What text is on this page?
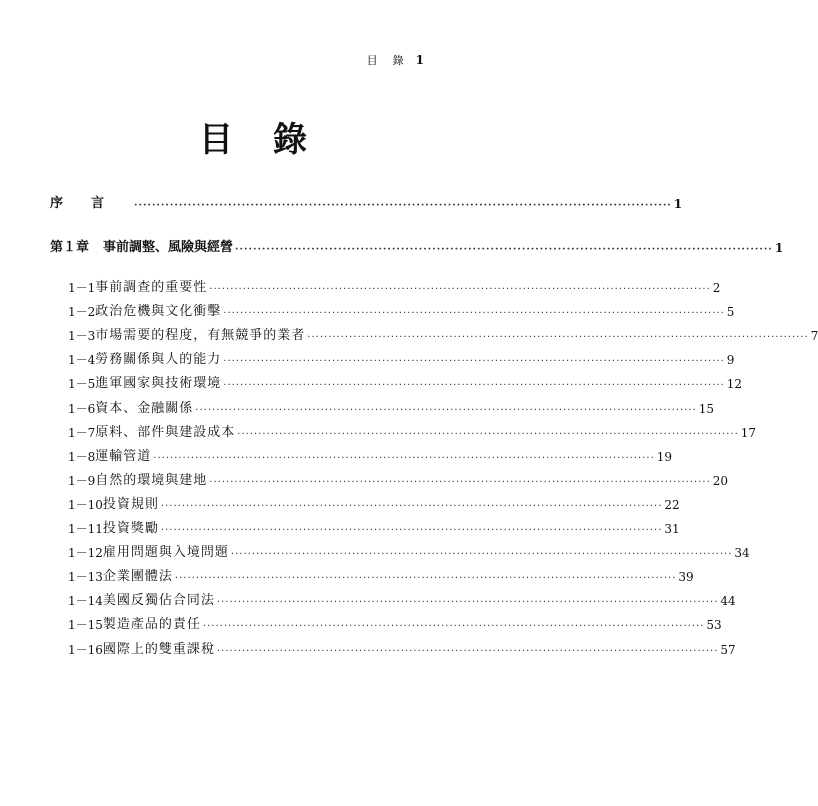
目　錄 1
目錄
序言 ························································································································ 1
第１章 事前調整、風險與經營 ························································································································ 1
1－1 事前調查的重要性 ························································································································ 2
1－2 政治危機與文化衝擊 ························································································································ 5
1－3 市場需要的程度，有無競爭的業者 ························································································································ 7
1－4 勞務關係與人的能力 ························································································································ 9
1－5 進軍國家與技術環境 ························································································································ 12
1－6 資本、金融關係 ························································································································ 15
1－7 原料、部件與建設成本 ························································································································ 17
1－8 運輸管道 ························································································································ 19
1－9 自然的環境與建地 ························································································································ 20
1－10 投資規則 ························································································································ 22
1－11 投資獎勵 ························································································································ 31
1－12 雇用問題與入境問題 ························································································································ 34
1－13 企業團體法 ························································································································ 39
1－14 美國反獨佔合同法 ························································································································ 44
1－15 製造產品的責任 ························································································································ 53
1－16 國際上的雙重課稅 ························································································································ 57
